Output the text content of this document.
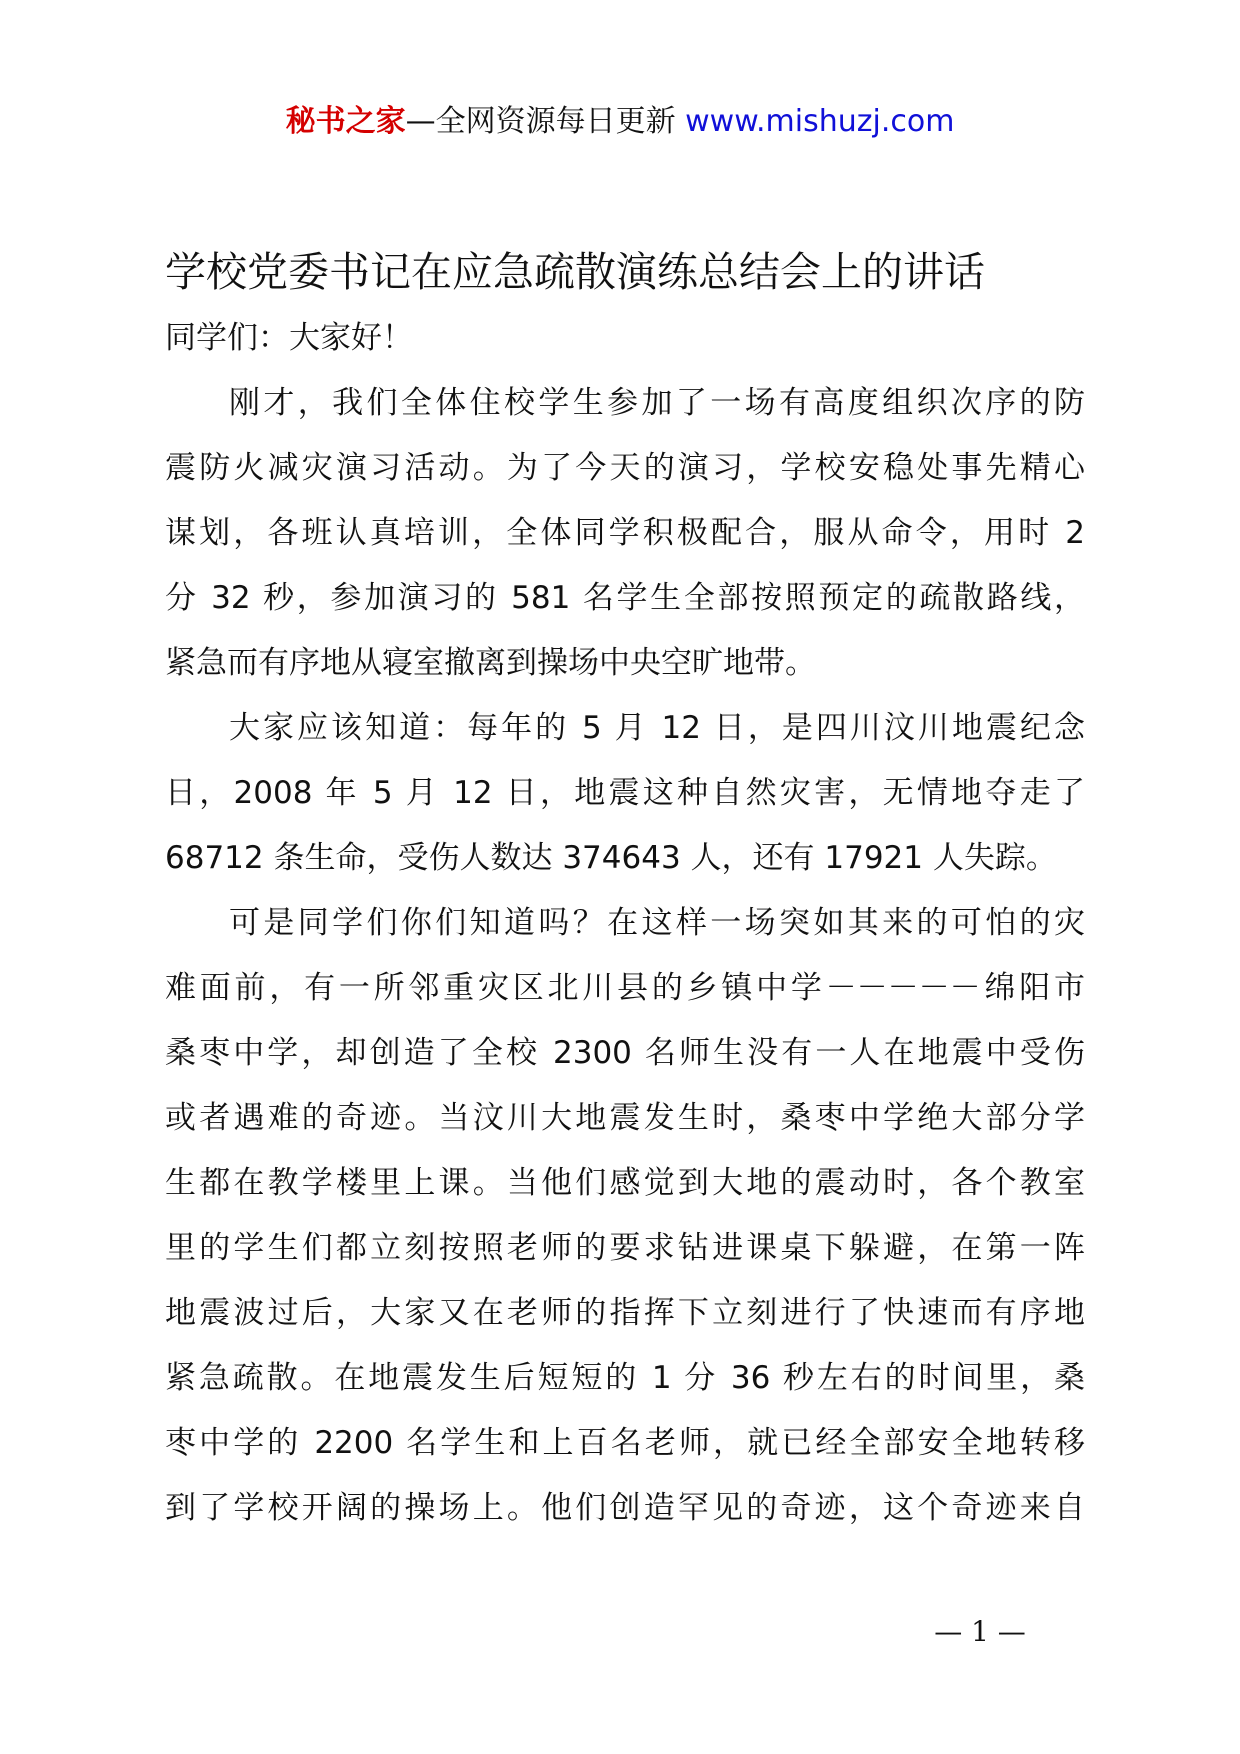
秘书之家—全网资源每日更新 www.mishuzj.com
学校党委书记在应急疏散演练总结会上的讲话

同学们：大家好！

刚才，我们全体住校学生参加了一场有高度组织次序的防
震防火减灾演习活动。为了今天的演习，学校安稳处事先精心
谋划，各班认真培训，全体同学积极配合，服从命令，用时 2
分 32 秒，参加演习的 581 名学生全部按照预定的疏散路线，
紧急而有序地从寝室撤离到操场中央空旷地带。

大家应该知道：每年的 5 月 12 日，是四川汶川地震纪念
日，2008 年 5 月 12 日，地震这种自然灾害，无情地夺走了
68712 条生命，受伤人数达 374643 人，还有 17921 人失踪。

可是同学们你们知道吗？在这样一场突如其来的可怕的灾
难面前，有一所邻重灾区北川县的乡镇中学－－－－－绵阳市
桑枣中学，却创造了全校 2300 名师生没有一人在地震中受伤
或者遇难的奇迹。当汶川大地震发生时，桑枣中学绝大部分学
生都在教学楼里上课。当他们感觉到大地的震动时，各个教室
里的学生们都立刻按照老师的要求钻进课桌下躲避，在第一阵
地震波过后，大家又在老师的指挥下立刻进行了快速而有序地
紧急疏散。在地震发生后短短的 1 分 36 秒左右的时间里，桑
枣中学的 2200 名学生和上百名老师，就已经全部安全地转移
到了学校开阔的操场上。他们创造罕见的奇迹，这个奇迹来自

— 1 —
